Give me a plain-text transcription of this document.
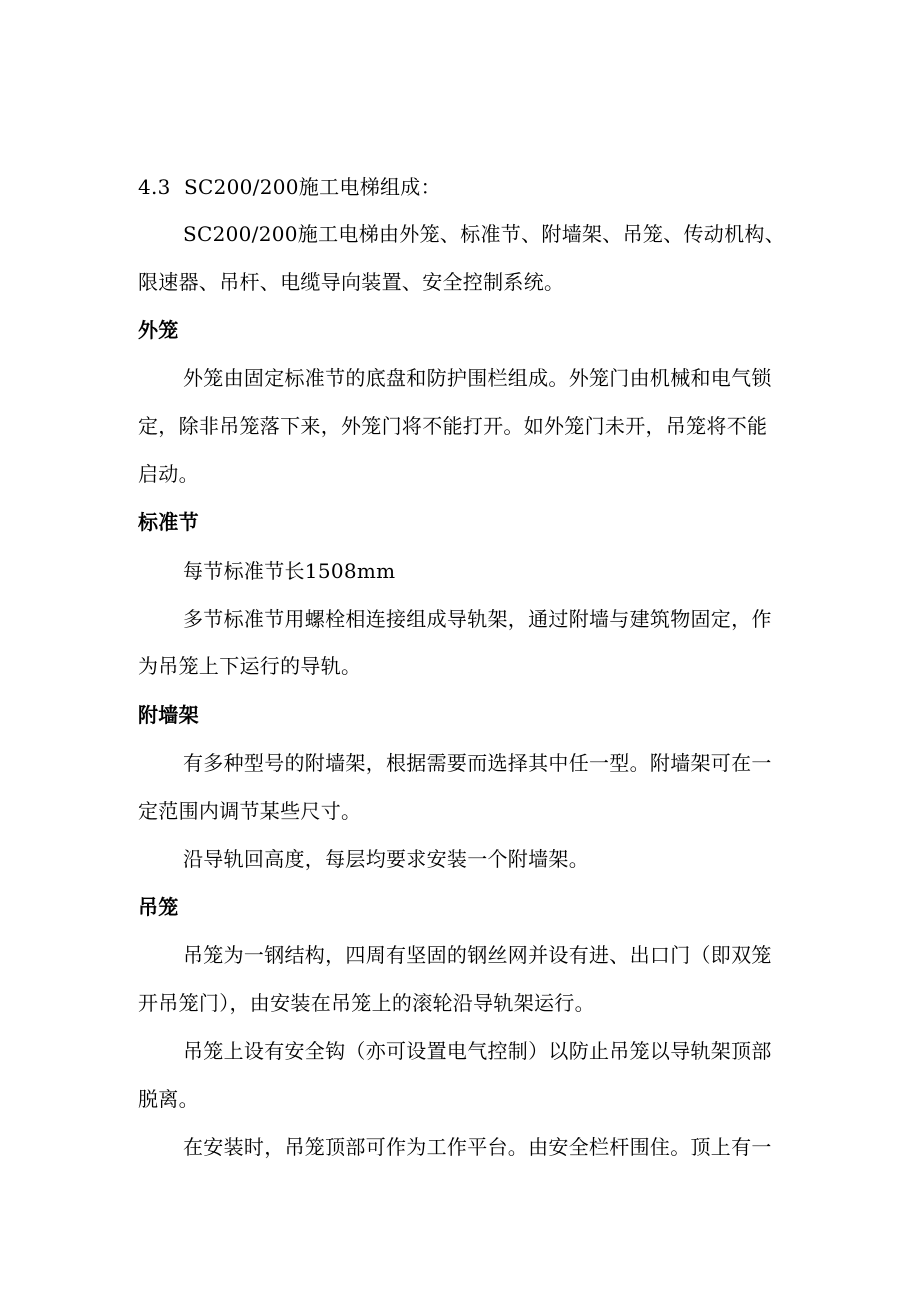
4.3 SC200/200施工电梯组成：
SC200/200施工电梯由外笼、标准节、附墙架、吊笼、传动机构、
限速器、吊杆、电缆导向装置、安全控制系统。
外笼
外笼由固定标准节的底盘和防护围栏组成。外笼门由机械和电气锁
定，除非吊笼落下来，外笼门将不能打开。如外笼门未开，吊笼将不能
启动。
标准节
每节标准节长1508mm
多节标准节用螺栓相连接组成导轨架，通过附墙与建筑物固定，作
为吊笼上下运行的导轨。
附墙架
有多种型号的附墙架，根据需要而选择其中任一型。附墙架可在一
定范围内调节某些尺寸。
沿导轨回高度，每层均要求安装一个附墙架。
吊笼
吊笼为一钢结构，四周有坚固的钢丝网并设有进、出口门（即双笼
开吊笼门），由安装在吊笼上的滚轮沿导轨架运行。
吊笼上设有安全钩（亦可设置电气控制）以防止吊笼以导轨架顶部
脱离。
在安装时，吊笼顶部可作为工作平台。由安全栏杆围住。顶上有一
